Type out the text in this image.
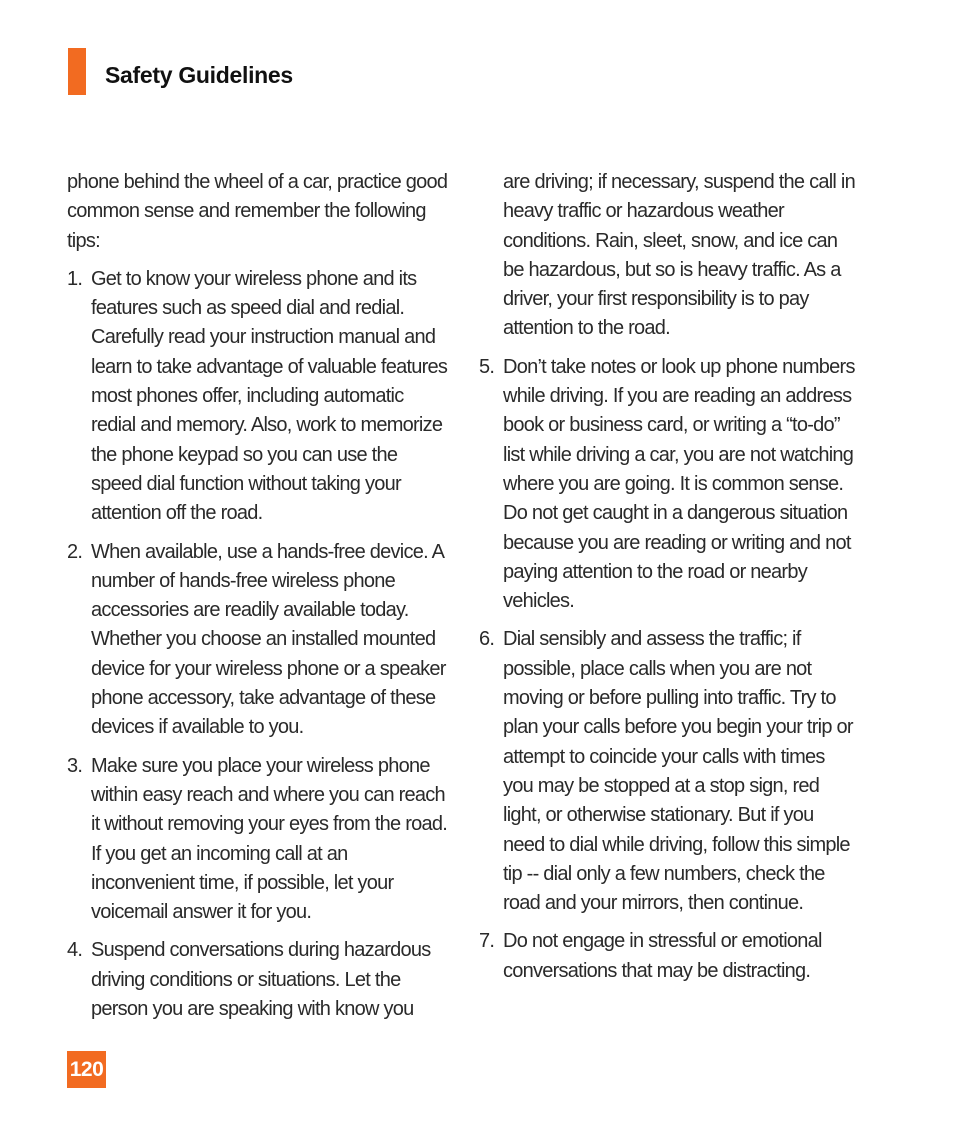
Safety Guidelines

phone behind the wheel of a car, practice good common sense and remember the following tips:

1. Get to know your wireless phone and its features such as speed dial and redial. Carefully read your instruction manual and learn to take advantage of valuable features most phones offer, including automatic redial and memory. Also, work to memorize the phone keypad so you can use the speed dial function without taking your attention off the road.
2. When available, use a hands-free device. A number of hands-free wireless phone accessories are readily available today. Whether you choose an installed mounted device for your wireless phone or a speaker phone accessory, take advantage of these devices if available to you.
3. Make sure you place your wireless phone within easy reach and where you can reach it without removing your eyes from the road. If you get an incoming call at an inconvenient time, if possible, let your voicemail answer it for you.
4. Suspend conversations during hazardous driving conditions or situations. Let the person you are speaking with know you
are driving; if necessary, suspend the call in heavy traffic or hazardous weather conditions. Rain, sleet, snow, and ice can be hazardous, but so is heavy traffic. As a driver, your first responsibility is to pay attention to the road.
5. Don’t take notes or look up phone numbers while driving. If you are reading an address book or business card, or writing a “to-do” list while driving a car, you are not watching where you are going. It is common sense. Do not get caught in a dangerous situation because you are reading or writing and not paying attention to the road or nearby vehicles.
6. Dial sensibly and assess the traffic; if possible, place calls when you are not moving or before pulling into traffic. Try to plan your calls before you begin your trip or attempt to coincide your calls with times you may be stopped at a stop sign, red light, or otherwise stationary. But if you need to dial while driving, follow this simple tip -- dial only a few numbers, check the road and your mirrors, then continue.
7. Do not engage in stressful or emotional conversations that may be distracting.
120
